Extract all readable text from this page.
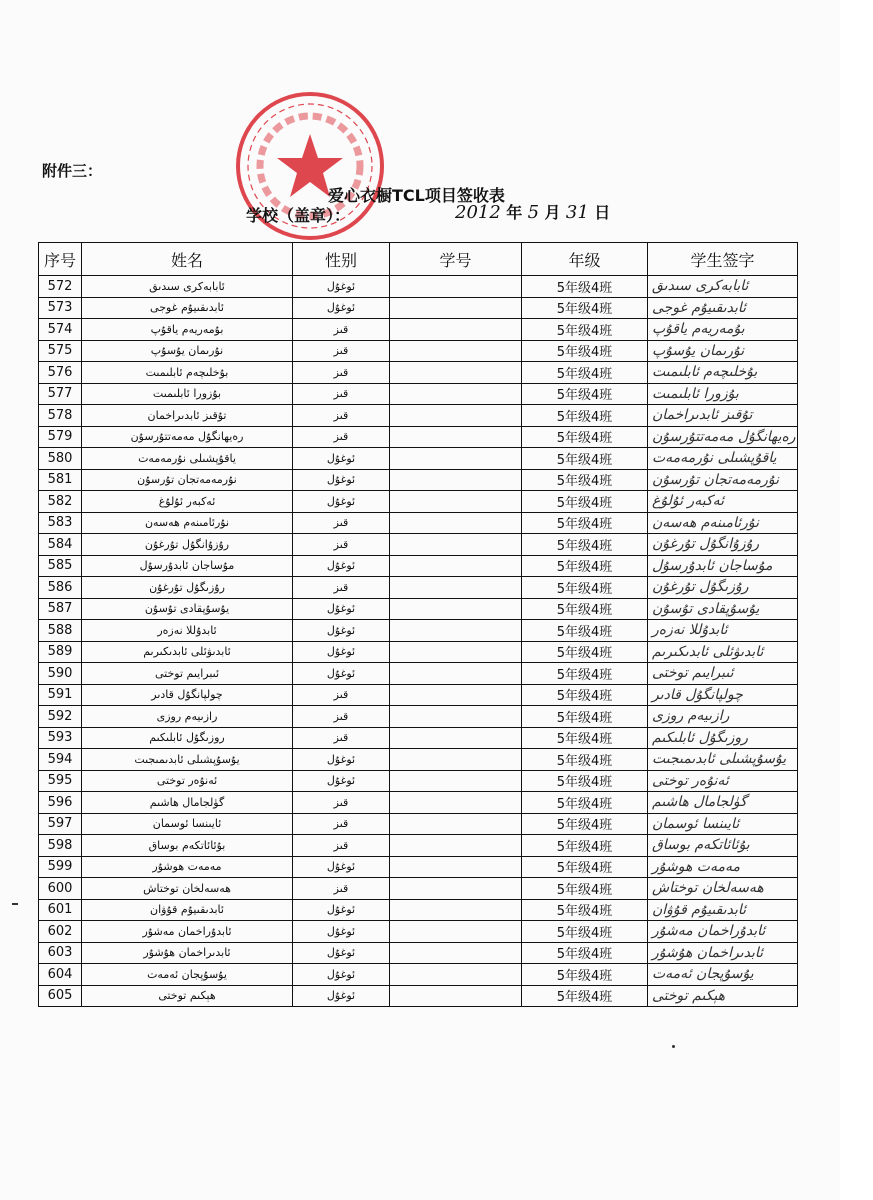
附件三：
爱心衣橱TCL项目签收表
学校（盖章）：	2012 年 5 月 31 日
序号	姓名	性别	学号	年级	学生签字
572	ئابابەكرى سىدىق	ئوغۇل		5年级4班	ئابابەكرى سىدىق
573	ئابدىقىيۇم غوجى	ئوغۇل		5年级4班	ئابدىقىيۇم غوجى
574	بۇمەريەم ياقۇپ	قىز		5年级4班	بۇمەريەم ياقۇپ
575	نۇرىمان يۇسۇپ	قىز		5年级4班	نۇرىمان يۇسۇپ
576	بۇخلىچەم ئابلىمىت	قىز		5年级4班	بۇخلىچەم ئابلىمىت
577	بۇزورا ئابلىمىت	قىز		5年级4班	بۇزورا ئابلىمىت
578	تۇقىز ئابدىراخمان	قىز		5年级4班	تۇقىز ئابدىراخمان
579	رەيھانگۇل مەمەتتۇرسۇن	قىز		5年级4班	رەيھانگۇل مەمەتتۇرسۇن
580	ياقۇپشىلى نۇرمەمەت	ئوغۇل		5年级4班	ياقۇپشىلى نۇرمەمەت
581	نۇرمەمەتجان تۇرسۇن	ئوغۇل		5年级4班	نۇرمەمەتجان تۇرسۇن
582	ئەكبەر ئۇلۇغ	ئوغۇل		5年级4班	ئەكبەر ئۇلۇغ
583	نۇرئامىنەم ھەسەن	قىز		5年级4班	نۇرئامىنەم ھەسەن
584	رۇزۇانگۇل تۇرغۇن	قىز		5年级4班	رۇزۇانگۇل تۇرغۇن
585	مۇساجان ئابدۇرسۇل	ئوغۇل		5年级4班	مۇساجان ئابدۇرسۇل
586	رۇزىگۇل تۇرغۇن	قىز		5年级4班	رۇزىگۇل تۇرغۇن
587	يۇسۇپقادى تۇسۇن	ئوغۇل		5年级4班	يۇسۇپقادى تۇسۇن
588	ئابدۇللا نەزەر	ئوغۇل		5年级4班	ئابدۇللا نەزەر
589	ئابدىۋئلى ئابدىكىرىم	ئوغۇل		5年级4班	ئابدىۋئلى ئابدىكىرىم
590	ئىبرايىم توختى	ئوغۇل		5年级4班	ئىبرايىم توختى
591	چولپانگۇل قادىر	قىز		5年级4班	چولپانگۇل قادىر
592	رازىيەم روزى	قىز		5年级4班	رازىيەم روزى
593	روزىگۇل ئابلىكىم	قىز		5年级4班	روزىگۇل ئابلىكىم
594	يۇسۇپشىلى ئابدىمىجىت	ئوغۇل		5年级4班	يۇسۇپشىلى ئابدىمىجىت
595	ئەنۇەر توختى	ئوغۇل		5年级4班	ئەنۇەر توختى
596	گۈلجامال ھاشىم	قىز		5年级4班	گۈلجامال ھاشىم
597	ئايىنسا ئوسمان	قىز		5年级4班	ئايىنسا ئوسمان
598	بۇئائاتكەم بوساق	قىز		5年级4班	بۇئائاتكەم بوساق
599	مەمەت ھوشۇر	ئوغۇل		5年级4班	مەمەت ھوشۇر
600	ھەسەلخان توختاش	قىز		5年级4班	ھەسەلخان توختاش
601	ئابدىقىيۇم قۇۋان	ئوغۇل		5年级4班	ئابدىقىيۇم قۇۋان
602	ئابدۇراخمان مەشۇر	ئوغۇل		5年级4班	ئابدۇراخمان مەشۇر
603	ئابدىراخمان ھۇشۇر	ئوغۇل		5年级4班	ئابدىراخمان ھۇشۇر
604	يۇسۇپجان ئەمەت	ئوغۇل		5年级4班	يۇسۇپجان ئەمەت
605	ھېكىم توختى	ئوغۇل		5年级4班	ھېكىم توختى
